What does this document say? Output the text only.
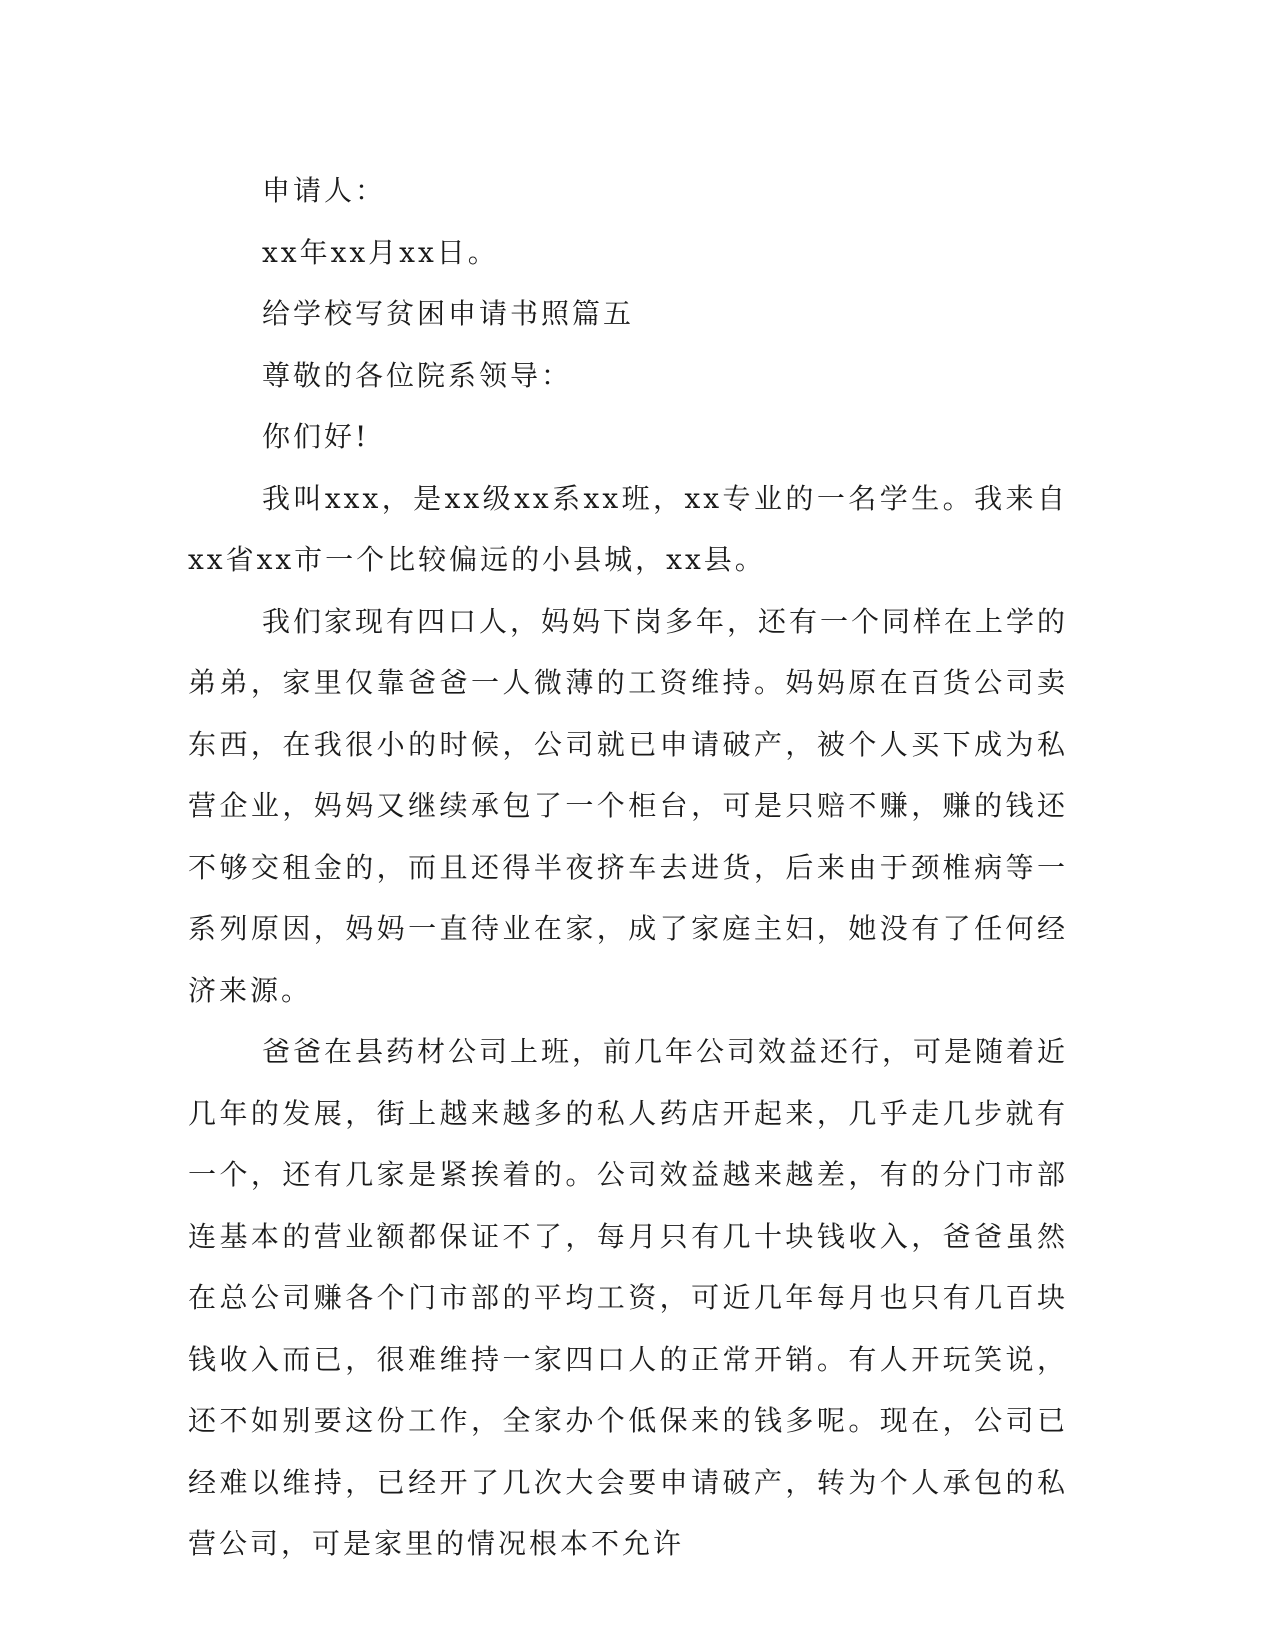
申请人：

xx年xx月xx日。

给学校写贫困申请书照篇五

尊敬的各位院系领导：

你们好!

我叫xxx，是xx级xx系xx班，xx专业的一名学生。我来自xx省xx市一个比较偏远的小县城，xx县。

我们家现有四口人，妈妈下岗多年，还有一个同样在上学的弟弟，家里仅靠爸爸一人微薄的工资维持。妈妈原在百货公司卖东西，在我很小的时候，公司就已申请破产，被个人买下成为私营企业，妈妈又继续承包了一个柜台，可是只赔不赚，赚的钱还不够交租金的，而且还得半夜挤车去进货，后来由于颈椎病等一系列原因，妈妈一直待业在家，成了家庭主妇，她没有了任何经济来源。

爸爸在县药材公司上班，前几年公司效益还行，可是随着近几年的发展，街上越来越多的私人药店开起来，几乎走几步就有一个，还有几家是紧挨着的。公司效益越来越差，有的分门市部连基本的营业额都保证不了，每月只有几十块钱收入，爸爸虽然在总公司赚各个门市部的平均工资，可近几年每月也只有几百块钱收入而已，很难维持一家四口人的正常开销。有人开玩笑说，还不如别要这份工作，全家办个低保来的钱多呢。现在，公司已经难以维持，已经开了几次大会要申请破产，转为个人承包的私营公司，可是家里的情况根本不允许
